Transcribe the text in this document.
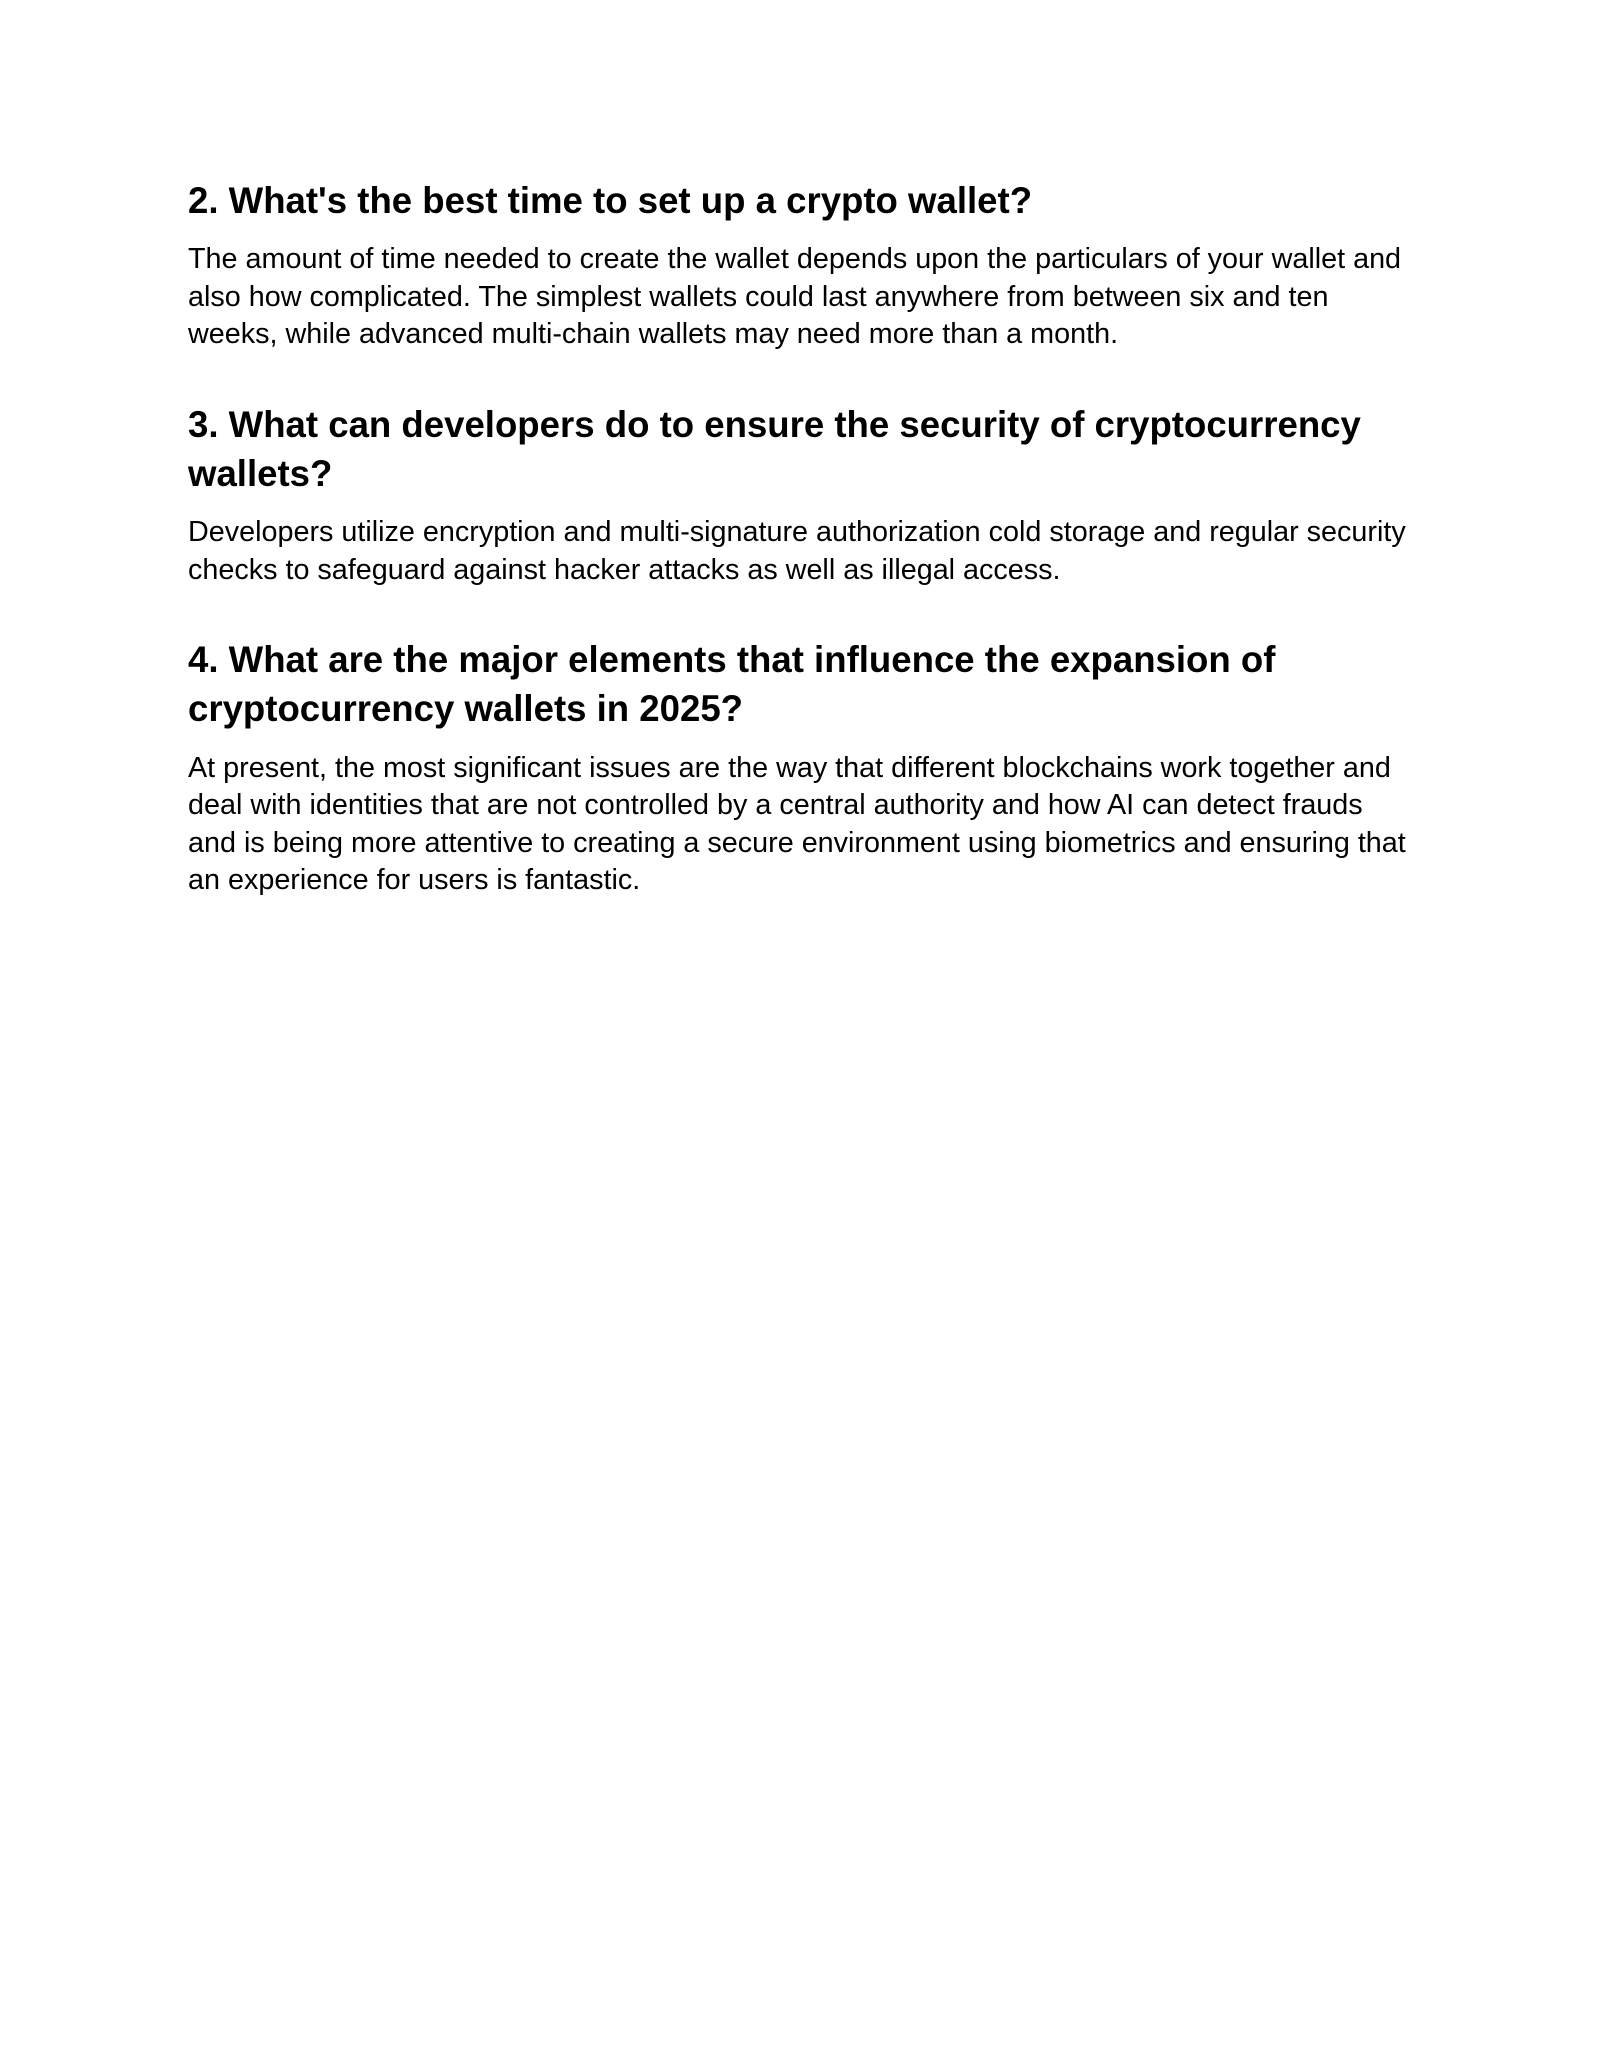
2. What's the best time to set up a crypto wallet?

The amount of time needed to create the wallet depends upon the particulars of your wallet and also how complicated. The simplest wallets could last anywhere from between six and ten weeks, while advanced multi-chain wallets may need more than a month.

3. What can developers do to ensure the security of cryptocurrency wallets?

Developers utilize encryption and multi-signature authorization cold storage and regular security checks to safeguard against hacker attacks as well as illegal access.

4. What are the major elements that influence the expansion of cryptocurrency wallets in 2025?

At present, the most significant issues are the way that different blockchains work together and deal with identities that are not controlled by a central authority and how AI can detect frauds and is being more attentive to creating a secure environment using biometrics and ensuring that an experience for users is fantastic.
